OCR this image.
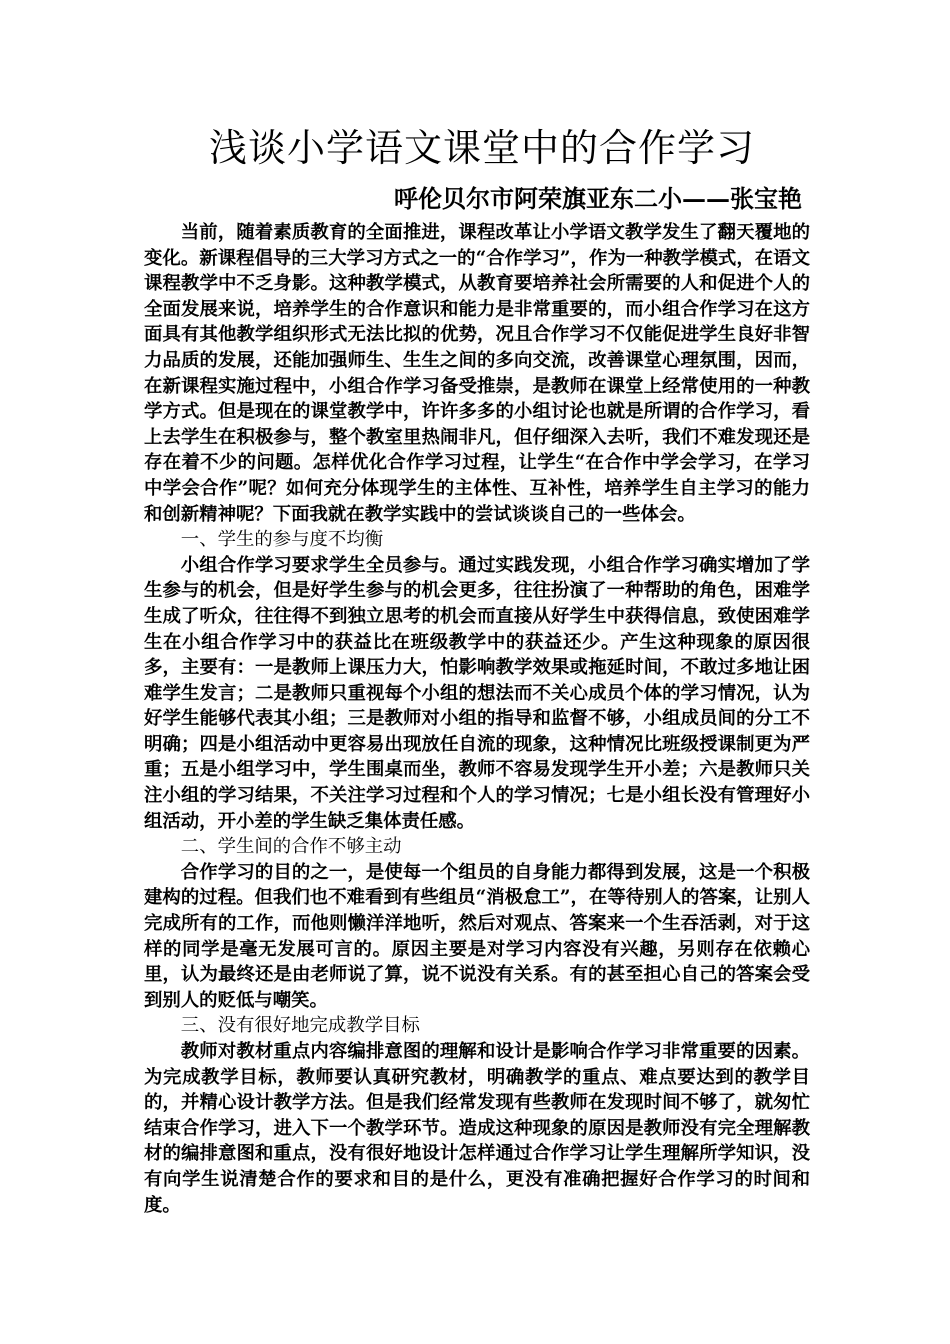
浅谈小学语文课堂中的合作学习
呼伦贝尔市阿荣旗亚东二小——张宝艳

当前，随着素质教育的全面推进，课程改革让小学语文教学发生了翻天覆地的变化。新课程倡导的三大学习方式之一的“合作学习”，作为一种教学模式，在语文课程教学中不乏身影。这种教学模式，从教育要培养社会所需要的人和促进个人的全面发展来说，培养学生的合作意识和能力是非常重要的，而小组合作学习在这方面具有其他教学组织形式无法比拟的优势，况且合作学习不仅能促进学生良好非智力品质的发展，还能加强师生、生生之间的多向交流，改善课堂心理氛围，因而，在新课程实施过程中，小组合作学习备受推崇，是教师在课堂上经常使用的一种教学方式。但是现在的课堂教学中，许许多多的小组讨论也就是所谓的合作学习，看上去学生在积极参与，整个教室里热闹非凡，但仔细深入去听，我们不难发现还是存在着不少的问题。怎样优化合作学习过程，让学生“在合作中学会学习，在学习中学会合作”呢？如何充分体现学生的主体性、互补性，培养学生自主学习的能力和创新精神呢？下面我就在教学实践中的尝试谈谈自己的一些体会。

一、学生的参与度不均衡

小组合作学习要求学生全员参与。通过实践发现，小组合作学习确实增加了学生参与的机会，但是好学生参与的机会更多，往往扮演了一种帮助的角色，困难学生成了听众，往往得不到独立思考的机会而直接从好学生中获得信息，致使困难学生在小组合作学习中的获益比在班级教学中的获益还少。产生这种现象的原因很多，主要有：一是教师上课压力大，怕影响教学效果或拖延时间，不敢过多地让困难学生发言；二是教师只重视每个小组的想法而不关心成员个体的学习情况，认为好学生能够代表其小组；三是教师对小组的指导和监督不够，小组成员间的分工不明确；四是小组活动中更容易出现放任自流的现象，这种情况比班级授课制更为严重；五是小组学习中，学生围桌而坐，教师不容易发现学生开小差；六是教师只关注小组的学习结果，不关注学习过程和个人的学习情况；七是小组长没有管理好小组活动，开小差的学生缺乏集体责任感。

二、学生间的合作不够主动

合作学习的目的之一，是使每一个组员的自身能力都得到发展，这是一个积极建构的过程。但我们也不难看到有些组员“消极怠工”，在等待别人的答案，让别人完成所有的工作，而他则懒洋洋地听，然后对观点、答案来一个生吞活剥，对于这样的同学是毫无发展可言的。原因主要是对学习内容没有兴趣，另则存在依赖心里，认为最终还是由老师说了算，说不说没有关系。有的甚至担心自己的答案会受到别人的贬低与嘲笑。

三、没有很好地完成教学目标

教师对教材重点内容编排意图的理解和设计是影响合作学习非常重要的因素。为完成教学目标，教师要认真研究教材，明确教学的重点、难点要达到的教学目的，并精心设计教学方法。但是我们经常发现有些教师在发现时间不够了，就匆忙结束合作学习，进入下一个教学环节。造成这种现象的原因是教师没有完全理解教材的编排意图和重点，没有很好地设计怎样通过合作学习让学生理解所学知识，没有向学生说清楚合作的要求和目的是什么，更没有准确把握好合作学习的时间和度。
